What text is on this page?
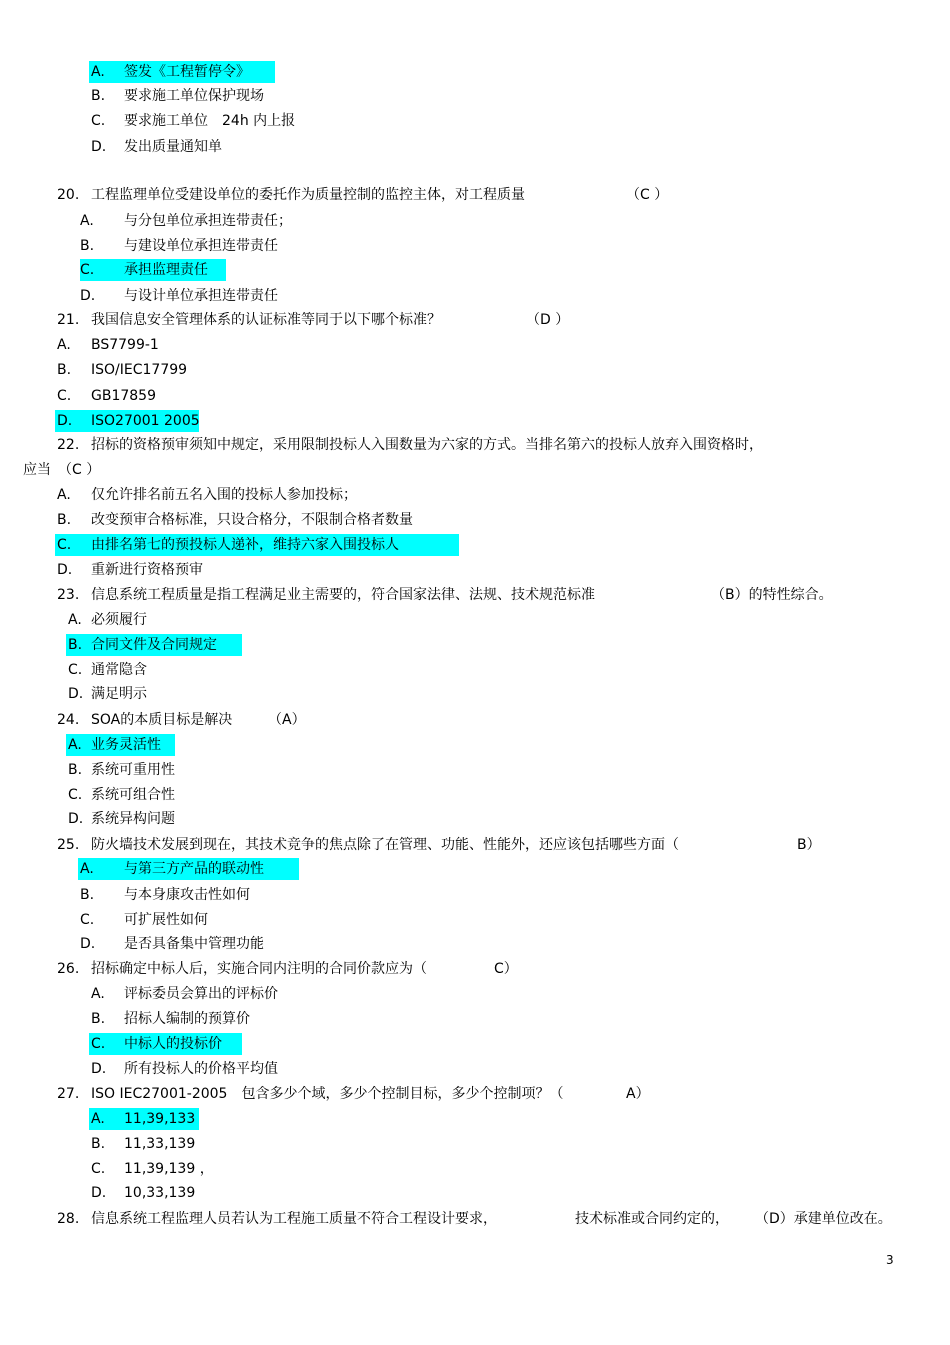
A. 签发《工程暂停令》
B. 要求施工单位保护现场
C. 要求施工单位　24h 内上报
D. 发出质量通知单
20. 工程监理单位受建设单位的委托作为质量控制的监控主体，对工程质量	（C ）
A. 与分包单位承担连带责任；
B. 与建设单位承担连带责任
C. 承担监理责任
D. 与设计单位承担连带责任
21. 我国信息安全管理体系的认证标准等同于以下哪个标准？	（D ）
A. BS7799-1
B. ISO/IEC17799
C. GB17859
D. ISO27001 2005
22. 招标的资格预审须知中规定，采用限制投标人入围数量为六家的方式。当排名第六的投标人放弃入围资格时，
应当　（C ）
A. 仅允许排名前五名入围的投标人参加投标；
B. 改变预审合格标准，只设合格分，不限制合格者数量
C. 由排名第七的预投标人递补，维持六家入围投标人
D. 重新进行资格预审
23. 信息系统工程质量是指工程满足业主需要的，符合国家法律、法规、技术规范标准	（B）的特性综合。
A. 必须履行
B. 合同文件及合同规定
C. 通常隐含
D. 满足明示
24. SOA的本质目标是解决	（A）
A. 业务灵活性
B. 系统可重用性
C. 系统可组合性
D. 系统异构问题
25. 防火墙技术发展到现在，其技术竞争的焦点除了在管理、功能、性能外，还应该包括哪些方面（	B）
A. 与第三方产品的联动性
B. 与本身康攻击性如何
C. 可扩展性如何
D. 是否具备集中管理功能
26. 招标确定中标人后，实施合同内注明的合同价款应为（	C）
A. 评标委员会算出的评标价
B. 招标人编制的预算价
C. 中标人的投标价
D. 所有投标人的价格平均值
27. ISO IEC27001-2005　包含多少个域，多少个控制目标，多少个控制项？（	A）
A. 11,39,133
B. 11,33,139
C. 11,39,139 ，
D. 10,33,139
28. 信息系统工程监理人员若认为工程施工质量不符合工程设计要求，	技术标准或合同约定的， （D）承建单位改在。
3
